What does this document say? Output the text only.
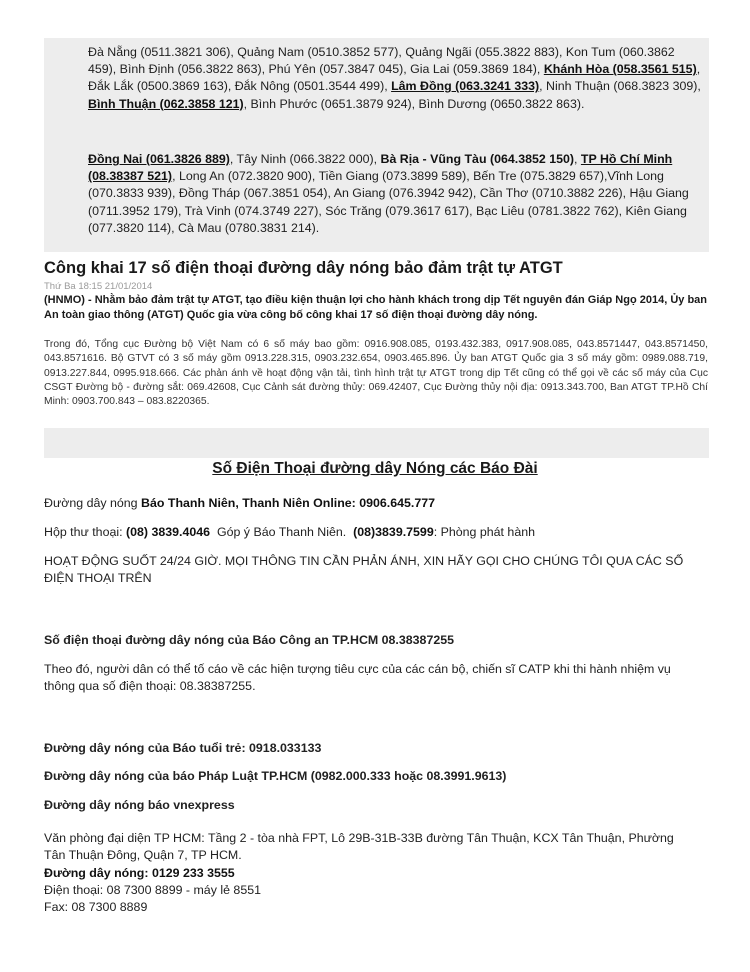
Đà Nẵng (0511.3821 306), Quảng Nam (0510.3852 577), Quảng Ngãi (055.3822 883), Kon Tum (060.3862 459), Bình Định (056.3822 863), Phú Yên (057.3847 045), Gia Lai (059.3869 184), Khánh Hòa (058.3561 515), Đắk Lắk (0500.3869 163), Đắk Nông (0501.3544 499), Lâm Đồng (063.3241 333), Ninh Thuận (068.3823 309), Bình Thuận (062.3858 121), Bình Phước (0651.3879 924), Bình Dương (0650.3822 863).
Đồng Nai (061.3826 889), Tây Ninh (066.3822 000), Bà Rịa - Vũng Tàu (064.3852 150), TP Hồ Chí Minh (08.38387 521), Long An (072.3820 900), Tiền Giang (073.3899 589), Bến Tre (075.3829 657),Vĩnh Long (070.3833 939), Đồng Tháp (067.3851 054), An Giang (076.3942 942), Cần Thơ (0710.3882 226), Hậu Giang (0711.3952 179), Trà Vinh (074.3749 227), Sóc Trăng (079.3617 617), Bạc Liêu (0781.3822 762), Kiên Giang (077.3820 114), Cà Mau (0780.3831 214).
Công khai 17 số điện thoại đường dây nóng bảo đảm trật tự ATGT
Thứ Ba 18:15 21/01/2014
(HNMO) - Nhằm bảo đảm trật tự ATGT, tạo điều kiện thuận lợi cho hành khách trong dịp Tết nguyên đán Giáp Ngọ 2014, Ủy ban An toàn giao thông (ATGT) Quốc gia vừa công bố công khai 17 số điện thoại đường dây nóng.
Trong đó, Tổng cục Đường bộ Việt Nam có 6 số máy bao gồm: 0916.908.085, 0193.432.383, 0917.908.085, 043.8571447, 043.8571450, 043.8571616. Bộ GTVT có 3 số máy gồm 0913.228.315, 0903.232.654, 0903.465.896. Ủy ban ATGT Quốc gia 3 số máy gồm: 0989.088.719, 0913.227.844, 0995.918.666. Các phản ánh về hoạt động vận tải, tình hình trật tự ATGT trong dịp Tết cũng có thể gọi về các số máy của Cục CSGT Đường bộ - đường sắt: 069.42608, Cục Cảnh sát đường thủy: 069.42407, Cục Đường thủy nội địa: 0913.343.700, Ban ATGT TP.Hồ Chí Minh: 0903.700.843 – 083.8220365.
Số Điện Thoại đường dây Nóng các Báo Đài
Đường dây nóng Báo Thanh Niên, Thanh Niên Online: 0906.645.777
Hộp thư thoại: (08) 3839.4046  Góp ý Báo Thanh Niên.  (08)3839.7599: Phòng phát hành
HOẠT ĐỘNG SUỐT 24/24 GIỜ. MỌI THÔNG TIN CẦN PHẢN ÁNH, XIN HÃY GỌI CHO CHÚNG TÔI QUA CÁC SỐ ĐIỆN THOẠI TRÊN
Số điện thoại đường dây nóng của Báo Công an TP.HCM 08.38387255
Theo đó, người dân có thể tố cáo về các hiện tượng tiêu cực của các cán bộ, chiến sĩ CATP khi thi hành nhiệm vụ thông qua số điện thoại: 08.38387255.
Đường dây nóng của Báo tuổi trẻ: 0918.033133
Đường dây nóng của báo Pháp Luật TP.HCM (0982.000.333 hoặc 08.3991.9613)
Đường dây nóng báo vnexpress
Văn phòng đại diện TP HCM: Tầng 2 - tòa nhà FPT, Lô 29B-31B-33B đường Tân Thuận, KCX Tân Thuận, Phường Tân Thuận Đông, Quận 7, TP HCM.
Đường dây nóng: 0129 233 3555
Điện thoại: 08 7300 8899 - máy lẻ 8551
Fax: 08 7300 8889
